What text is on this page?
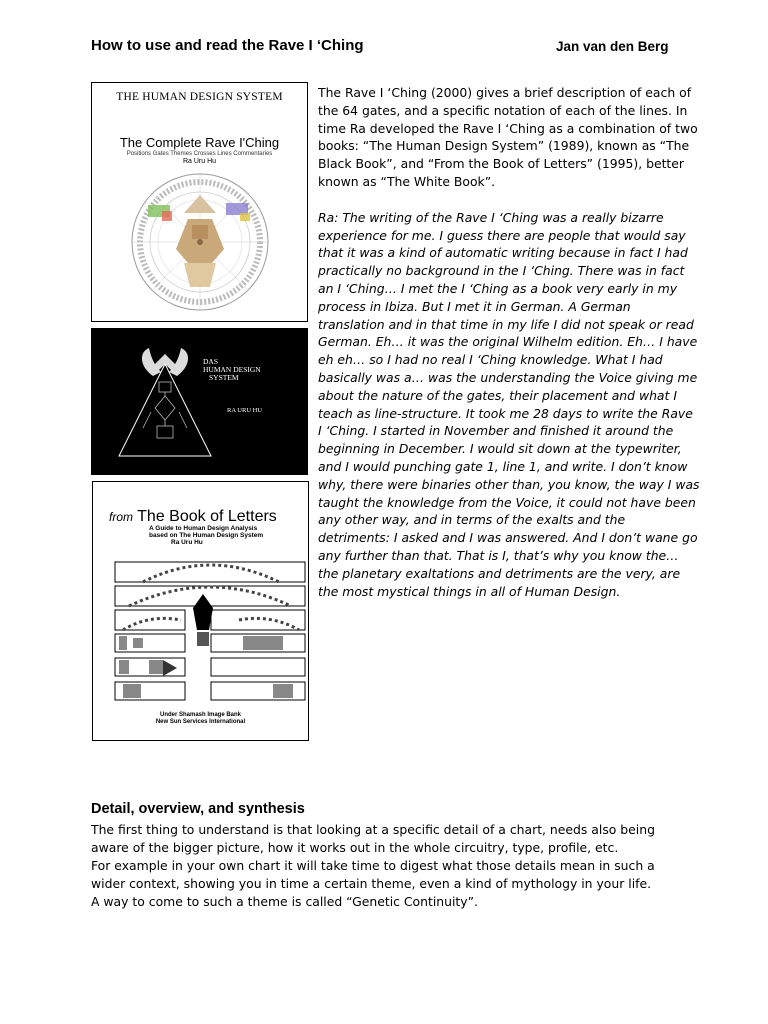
How to use and read the Rave I ‘Ching	Jan van den Berg
THE HUMAN DESIGN SYSTEM
The Complete Rave I'Ching
Positions Gates Themes Crosses Lines Commentaries
Ra Uru Hu
DAS
HUMAN DESIGN
SYSTEM
RA URU HU
from The Book of Letters
A Guide to Human Design Analysis
based on The Human Design System
Ra Uru Hu
Under Shamash Image Bank
New Sun Services International

The Rave I ‘Ching (2000) gives a brief description of each of the 64 gates, and a specific notation of each of the lines. In time Ra developed the Rave I ‘Ching as a combination of two books: “The Human Design System” (1989), known as “The Black Book”, and “From the Book of Letters” (1995), better known as “The White Book”.

Ra: The writing of the Rave I ‘Ching was a really bizarre experience for me. I guess there are people that would say that it was a kind of automatic writing because in fact I had practically no background in the I ‘Ching. There was in fact an I ‘Ching… I met the I ‘Ching as a book very early in my process in Ibiza. But I met it in German. A German translation and in that time in my life I did not speak or read German. Eh… it was the original Wilhelm edition. Eh… I have eh eh… so I had no real I ‘Ching knowledge. What I had basically was a… was the understanding the Voice giving me about the nature of the gates, their placement and what I teach as line-structure. It took me 28 days to write the Rave I ‘Ching. I started in November and finished it around the beginning in December. I would sit down at the typewriter, and I would punching gate 1, line 1, and write. I don’t know why, there were binaries other than, you know, the way I was taught the knowledge from the Voice, it could not have been any other way, and in terms of the exalts and the detriments: I asked and I was answered. And I don’t wane go any further than that. That is I, that’s why you know the… the planetary exaltations and detriments are the very, are the most mystical things in all of Human Design.

Detail, overview, and synthesis

The first thing to understand is that looking at a specific detail of a chart, needs also being aware of the bigger picture, how it works out in the whole circuitry, type, profile, etc.

For example in your own chart it will take time to digest what those details mean in such a wider context, showing you in time a certain theme, even a kind of mythology in your life.

A way to come to such a theme is called “Genetic Continuity”.
